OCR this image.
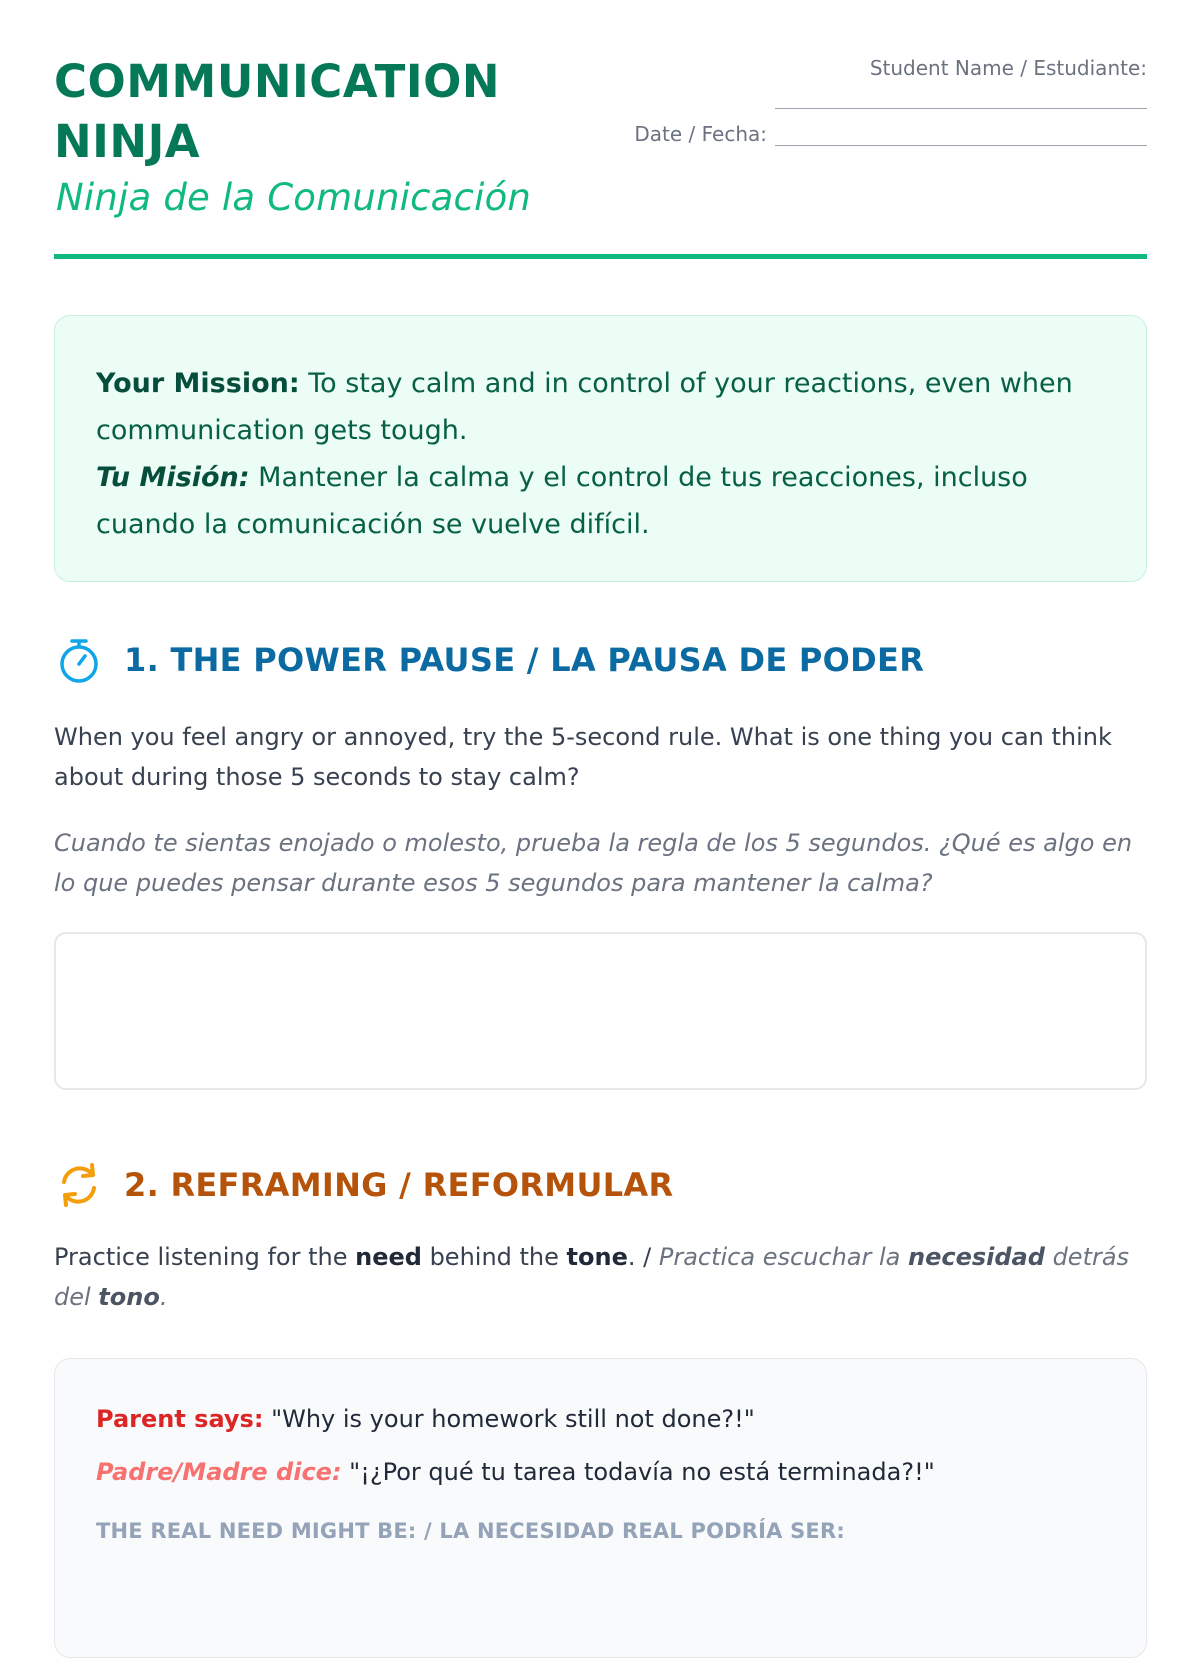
COMMUNICATION NINJA

Ninja de la Comunicación

Student Name / Estudiante:
Date / Fecha:

Your Mission: To stay calm and in control of your reactions, even when communication gets tough.

Tu Misión: Mantener la calma y el control de tus reacciones, incluso cuando la comunicación se vuelve difícil.

1. THE POWER PAUSE / LA PAUSA DE PODER

When you feel angry or annoyed, try the 5-second rule. What is one thing you can think about during those 5 seconds to stay calm?

Cuando te sientas enojado o molesto, prueba la regla de los 5 segundos. ¿Qué es algo en lo que puedes pensar durante esos 5 segundos para mantener la calma?

2. REFRAMING / REFORMULAR

Practice listening for the need behind the tone. / Practica escuchar la necesidad detrás del tono.

Parent says: "Why is your homework still not done?!"
Padre/Madre dice: "¡¿Por qué tu tarea todavía no está terminada?!"
THE REAL NEED MIGHT BE: / LA NECESIDAD REAL PODRÍA SER:
